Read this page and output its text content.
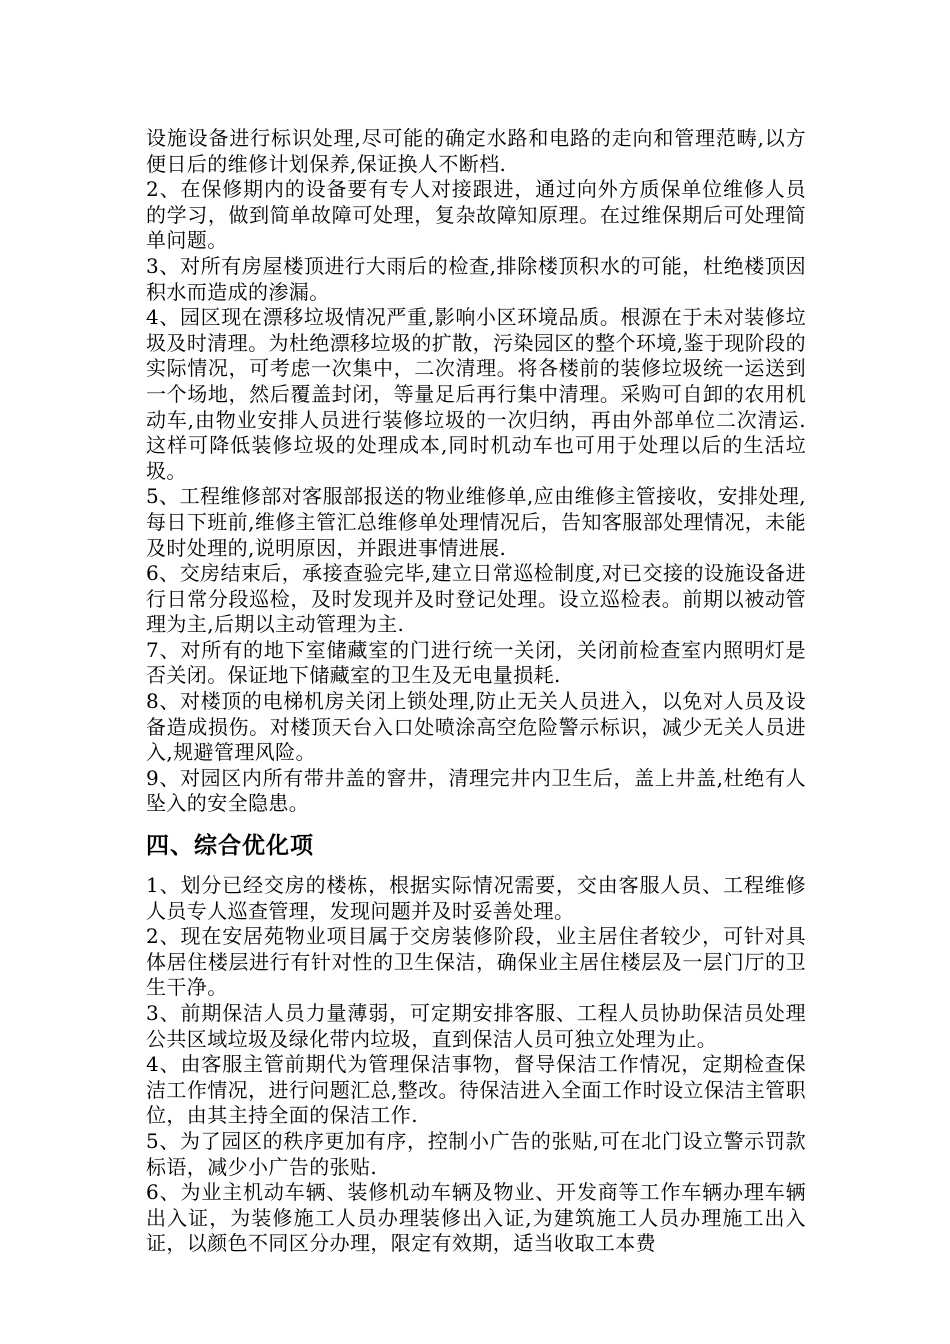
设施设备进行标识处理,尽可能的确定水路和电路的走向和管理范畴,以方便日后的维修计划保养,保证换人不断档.

2、在保修期内的设备要有专人对接跟进，通过向外方质保单位维修人员的学习，做到简单故障可处理，复杂故障知原理。在过维保期后可处理简单问题。

3、对所有房屋楼顶进行大雨后的检查,排除楼顶积水的可能，杜绝楼顶因积水而造成的渗漏。

4、园区现在漂移垃圾情况严重,影响小区环境品质。根源在于未对装修垃圾及时清理。为杜绝漂移垃圾的扩散，污染园区的整个环境,鉴于现阶段的实际情况，可考虑一次集中，二次清理。将各楼前的装修垃圾统一运送到一个场地，然后覆盖封闭，等量足后再行集中清理。采购可自卸的农用机动车,由物业安排人员进行装修垃圾的一次归纳，再由外部单位二次清运.这样可降低装修垃圾的处理成本,同时机动车也可用于处理以后的生活垃圾。

5、工程维修部对客服部报送的物业维修单,应由维修主管接收，安排处理,每日下班前,维修主管汇总维修单处理情况后，告知客服部处理情况，未能及时处理的,说明原因，并跟进事情进展.

6、交房结束后，承接查验完毕,建立日常巡检制度,对已交接的设施设备进行日常分段巡检，及时发现并及时登记处理。设立巡检表。前期以被动管理为主,后期以主动管理为主.

7、对所有的地下室储藏室的门进行统一关闭，关闭前检查室内照明灯是否关闭。保证地下储藏室的卫生及无电量损耗.

8、对楼顶的电梯机房关闭上锁处理,防止无关人员进入，以免对人员及设备造成损伤。对楼顶天台入口处喷涂高空危险警示标识，减少无关人员进入,规避管理风险。

9、对园区内所有带井盖的窨井，清理完井内卫生后，盖上井盖,杜绝有人坠入的安全隐患。

四、综合优化项

1、划分已经交房的楼栋，根据实际情况需要，交由客服人员、工程维修人员专人巡查管理，发现问题并及时妥善处理。

2、现在安居苑物业项目属于交房装修阶段，业主居住者较少，可针对具体居住楼层进行有针对性的卫生保洁，确保业主居住楼层及一层门厅的卫生干净。

3、前期保洁人员力量薄弱，可定期安排客服、工程人员协助保洁员处理公共区域垃圾及绿化带内垃圾，直到保洁人员可独立处理为止。

4、由客服主管前期代为管理保洁事物，督导保洁工作情况，定期检查保洁工作情况，进行问题汇总,整改。待保洁进入全面工作时设立保洁主管职位，由其主持全面的保洁工作.

5、为了园区的秩序更加有序，控制小广告的张贴,可在北门设立警示罚款标语，减少小广告的张贴.

6、为业主机动车辆、装修机动车辆及物业、开发商等工作车辆办理车辆出入证，为装修施工人员办理装修出入证,为建筑施工人员办理施工出入证，以颜色不同区分办理，限定有效期，适当收取工本费
